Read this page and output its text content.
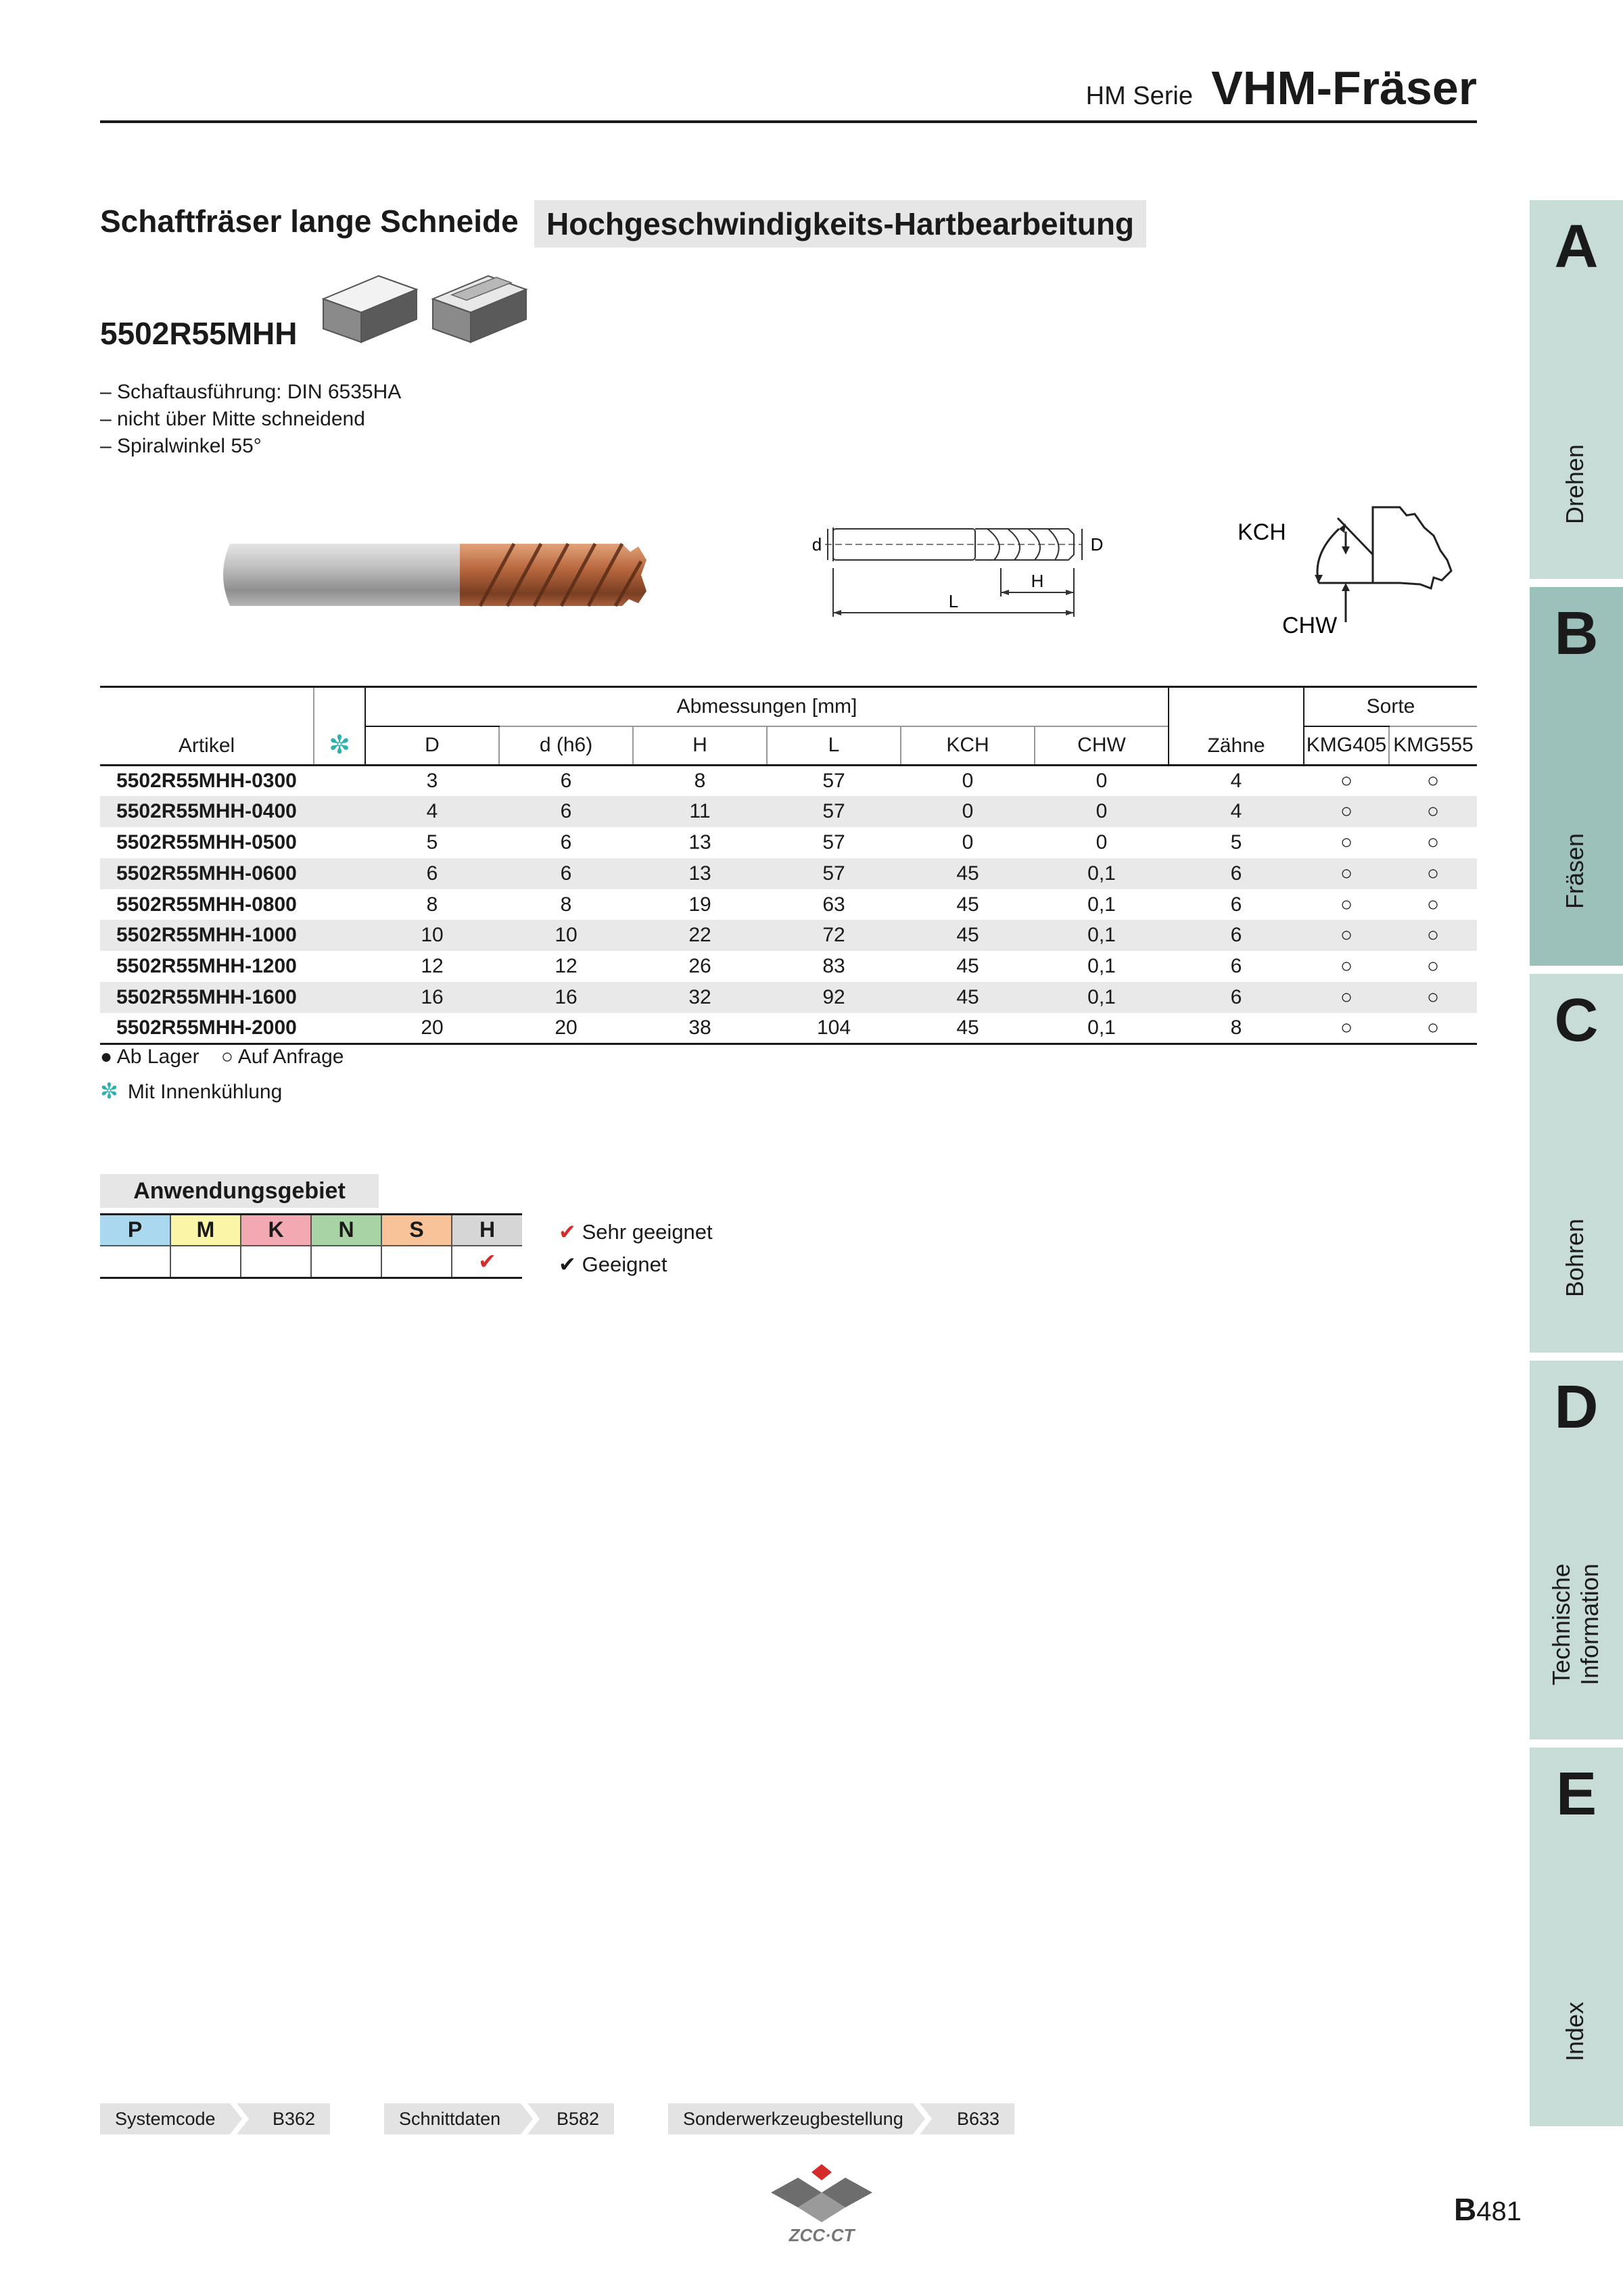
HM Serie VHM-Fräser
Schaftfräser lange Schneide Hochgeschwindigkeits-Hartbearbeitung
5502R55MHH
– Schaftausführung: DIN 6535HA
– nicht über Mitte schneidend
– Spiralwinkel 55°
d	D
H
L
KCH
CHW
Artikel	✼	Abmessungen [mm]						Zähne	Sorte	
		D	d (h6)	H	L	KCH	CHW		KMG405	KMG555
5502R55MHH-0300		3	6	8	57	0	0	4	○	○
5502R55MHH-0400		4	6	11	57	0	0	4	○	○
5502R55MHH-0500		5	6	13	57	0	0	5	○	○
5502R55MHH-0600		6	6	13	57	45	0,1	6	○	○
5502R55MHH-0800		8	8	19	63	45	0,1	6	○	○
5502R55MHH-1000		10	10	22	72	45	0,1	6	○	○
5502R55MHH-1200		12	12	26	83	45	0,1	6	○	○
5502R55MHH-1600		16	16	32	92	45	0,1	6	○	○
5502R55MHH-2000		20	20	38	104	45	0,1	8	○	○
● Ab Lager ○ Auf Anfrage
✼ Mit Innenkühlung
Anwendungsgebiet
P	M	K	N	S	H
					✔
✔ Sehr geeignet
✔ Geeignet
A
Drehen
B
Fräsen
C
Bohren
D
Technische
Information
E
Index
Systemcode	B362	Schnittdaten	B582	Sonderwerkzeugbestellung	B633
ZCC·CT
B481
